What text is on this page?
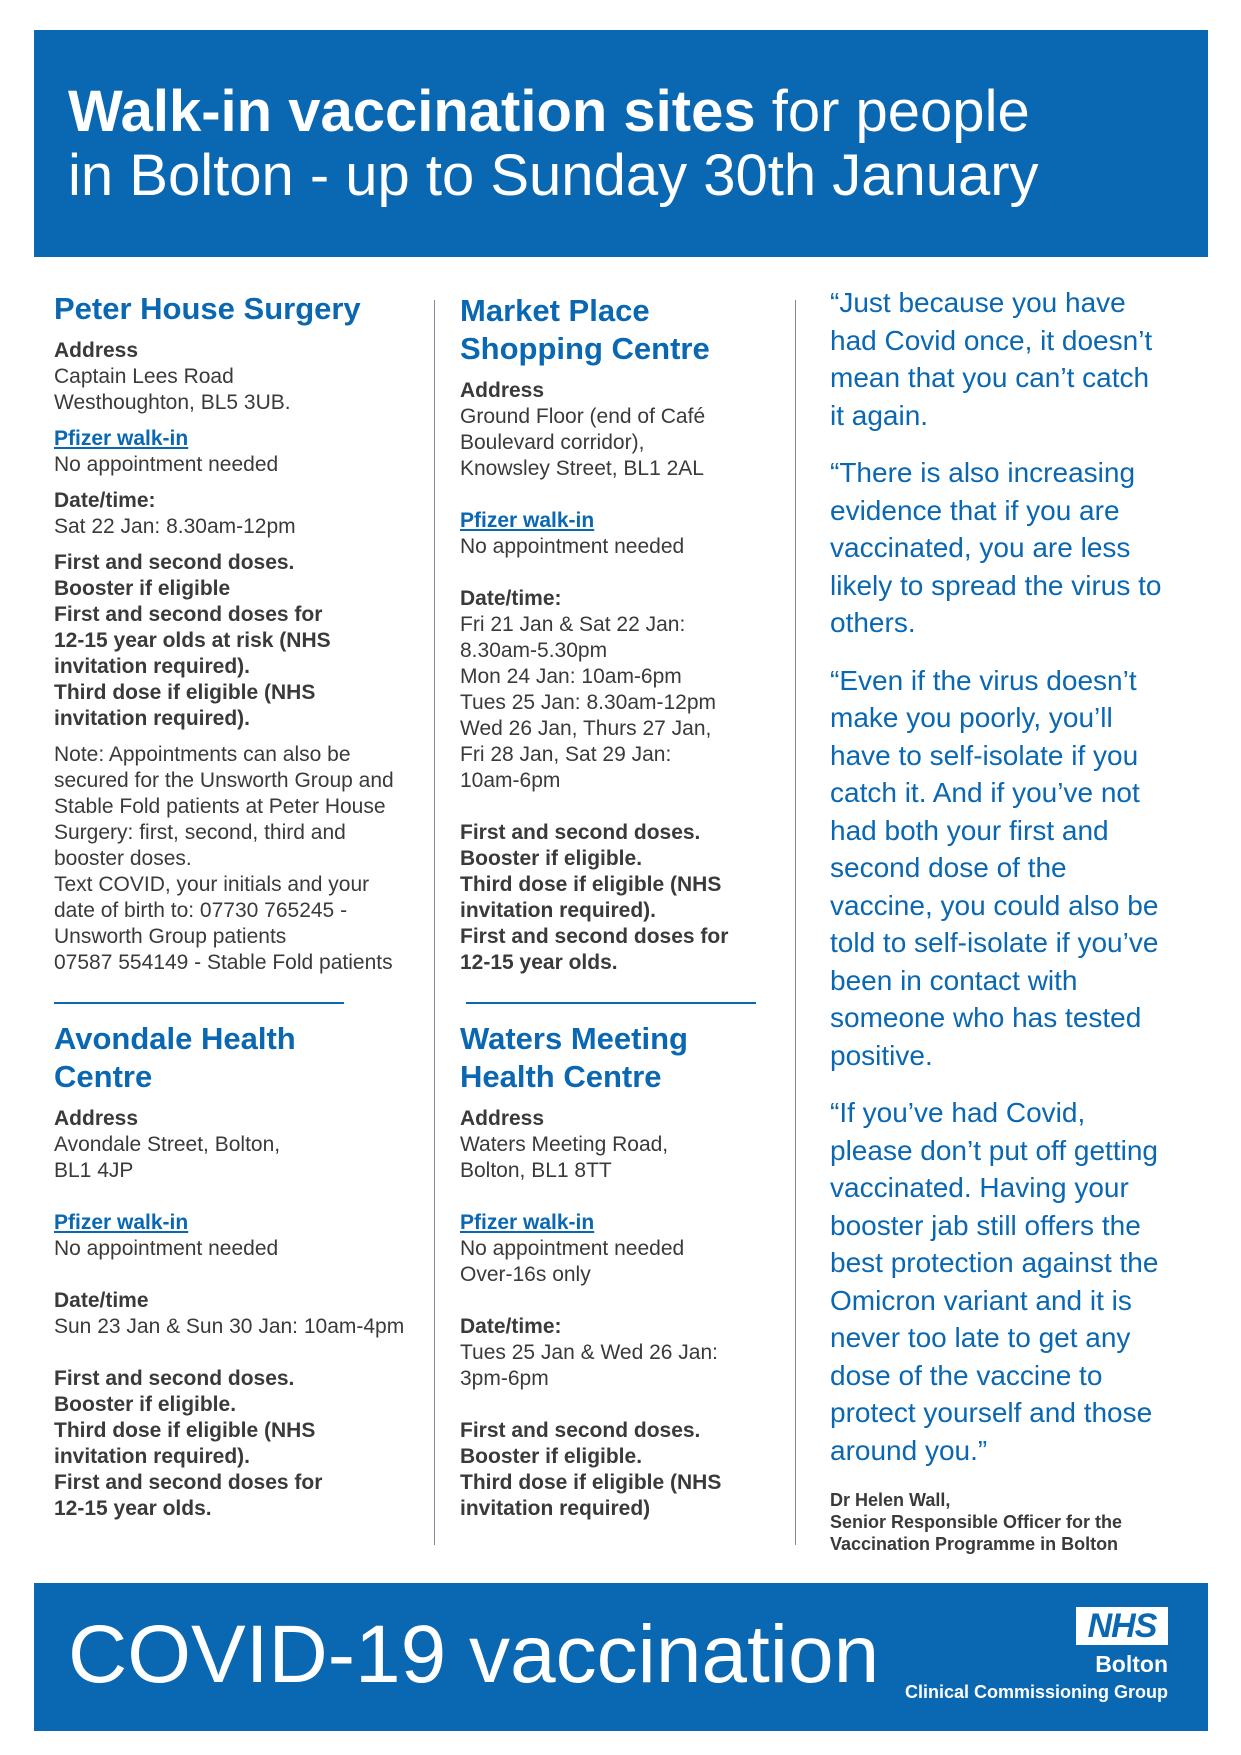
Walk-in vaccination sites for people
in Bolton - up to Sunday 30th January
Peter House Surgery
Address
Captain Lees Road
Westhoughton, BL5 3UB.
Pfizer walk-in
No appointment needed
Date/time:
Sat 22 Jan: 8.30am-12pm
First and second doses.
Booster if eligible
First and second doses for
12-15 year olds at risk (NHS
invitation required).
Third dose if eligible (NHS
invitation required).
Note: Appointments can also be
secured for the Unsworth Group and
Stable Fold patients at Peter House
Surgery: first, second, third and
booster doses.
Text COVID, your initials and your
date of birth to: 07730 765245 -
Unsworth Group patients
07587 554149 - Stable Fold patients
Avondale Health
Centre
Address
Avondale Street, Bolton,
BL1 4JP
Pfizer walk-in
No appointment needed
Date/time
Sun 23 Jan & Sun 30 Jan: 10am-4pm
First and second doses.
Booster if eligible.
Third dose if eligible (NHS
invitation required).
First and second doses for
12-15 year olds.
Market Place
Shopping Centre
Address
Ground Floor (end of Café
Boulevard corridor),
Knowsley Street, BL1 2AL
Pfizer walk-in
No appointment needed
Date/time:
Fri 21 Jan & Sat 22 Jan:
8.30am-5.30pm
Mon 24 Jan: 10am-6pm
Tues 25 Jan: 8.30am-12pm
Wed 26 Jan, Thurs 27 Jan,
Fri 28 Jan, Sat 29 Jan:
10am-6pm
First and second doses.
Booster if eligible.
Third dose if eligible (NHS
invitation required).
First and second doses for
12-15 year olds.
Waters Meeting
Health Centre
Address
Waters Meeting Road,
Bolton, BL1 8TT
Pfizer walk-in
No appointment needed
Over-16s only
Date/time:
Tues 25 Jan & Wed 26 Jan:
3pm-6pm
First and second doses.
Booster if eligible.
Third dose if eligible (NHS
invitation required)
“Just because you have
had Covid once, it doesn’t
mean that you can’t catch
it again.
“There is also increasing
evidence that if you are
vaccinated, you are less
likely to spread the virus to
others.
“Even if the virus doesn’t
make you poorly, you’ll
have to self-isolate if you
catch it. And if you’ve not
had both your first and
second dose of the
vaccine, you could also be
told to self-isolate if you’ve
been in contact with
someone who has tested
positive.
“If you’ve had Covid,
please don’t put off getting
vaccinated. Having your
booster jab still offers the
best protection against the
Omicron variant and it is
never too late to get any
dose of the vaccine to
protect yourself and those
around you.”
Dr Helen Wall,
Senior Responsible Officer for the
Vaccination Programme in Bolton
COVID-19 vaccination	NHS
Bolton
Clinical Commissioning Group
